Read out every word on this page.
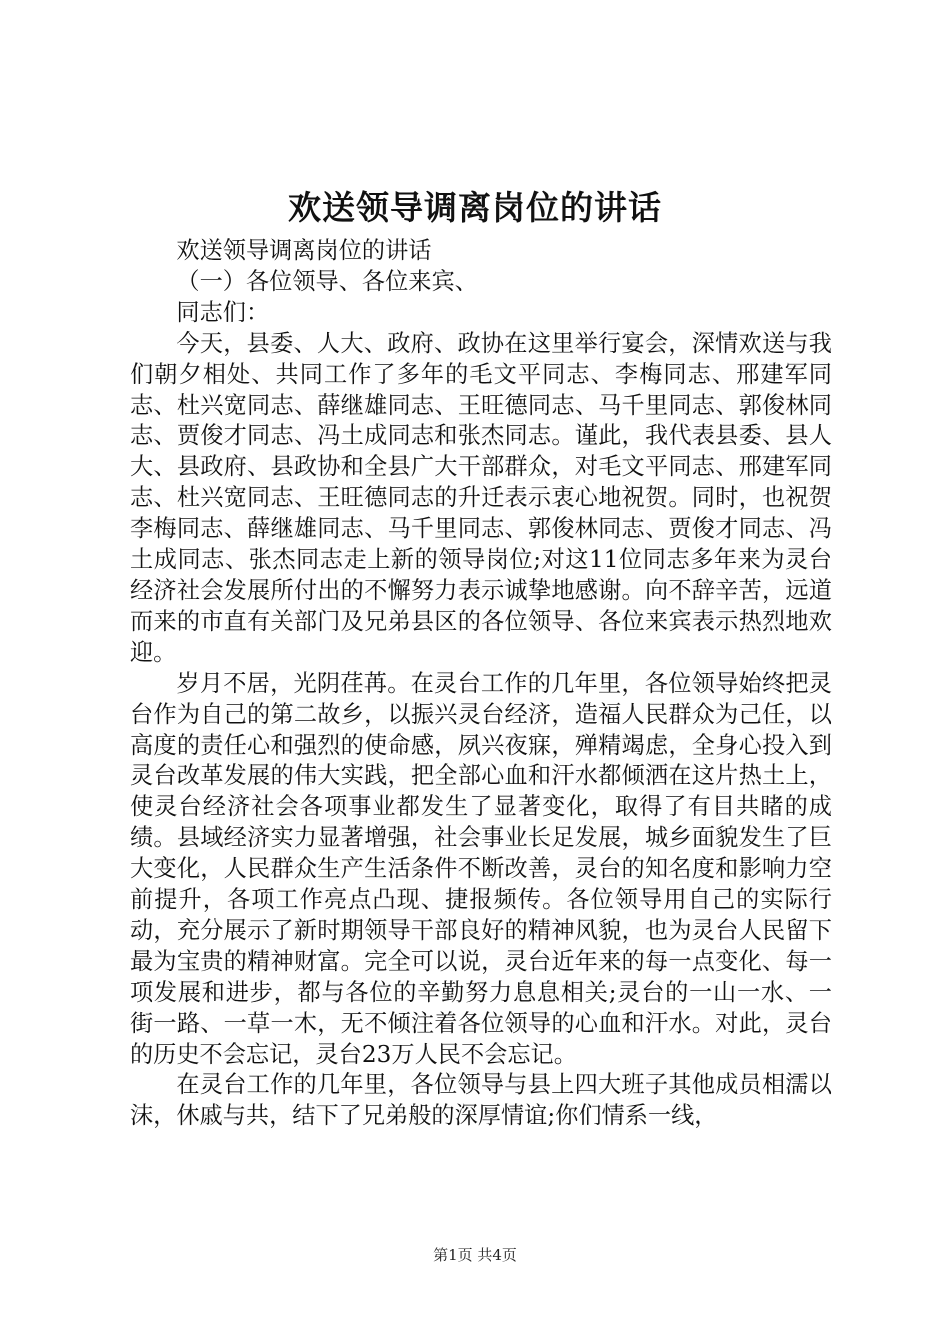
欢送领导调离岗位的讲话

欢送领导调离岗位的讲话

（一）各位领导、各位来宾、

同志们：

今天，县委、人大、政府、政协在这里举行宴会，深情欢送与我们朝夕相处、共同工作了多年的毛文平同志、李梅同志、邢建军同志、杜兴宽同志、薛继雄同志、王旺德同志、马千里同志、郭俊林同志、贾俊才同志、冯土成同志和张杰同志。谨此，我代表县委、县人大、县政府、县政协和全县广大干部群众，对毛文平同志、邢建军同志、杜兴宽同志、王旺德同志的升迁表示衷心地祝贺。同时，也祝贺李梅同志、薛继雄同志、马千里同志、郭俊林同志、贾俊才同志、冯土成同志、张杰同志走上新的领导岗位;对这11位同志多年来为灵台经济社会发展所付出的不懈努力表示诚挚地感谢。向不辞辛苦，远道而来的市直有关部门及兄弟县区的各位领导、各位来宾表示热烈地欢迎。

岁月不居，光阴荏苒。在灵台工作的几年里，各位领导始终把灵台作为自己的第二故乡，以振兴灵台经济，造福人民群众为己任，以高度的责任心和强烈的使命感，夙兴夜寐，殚精竭虑，全身心投入到灵台改革发展的伟大实践，把全部心血和汗水都倾洒在这片热土上，使灵台经济社会各项事业都发生了显著变化，取得了有目共睹的成绩。县域经济实力显著增强，社会事业长足发展，城乡面貌发生了巨大变化，人民群众生产生活条件不断改善，灵台的知名度和影响力空前提升，各项工作亮点凸现、捷报频传。各位领导用自己的实际行动，充分展示了新时期领导干部良好的精神风貌，也为灵台人民留下最为宝贵的精神财富。完全可以说，灵台近年来的每一点变化、每一项发展和进步，都与各位的辛勤努力息息相关;灵台的一山一水、一街一路、一草一木，无不倾注着各位领导的心血和汗水。对此，灵台的历史不会忘记，灵台23万人民不会忘记。

在灵台工作的几年里，各位领导与县上四大班子其他成员相濡以沫，休戚与共，结下了兄弟般的深厚情谊;你们情系一线，

第1页 共4页
